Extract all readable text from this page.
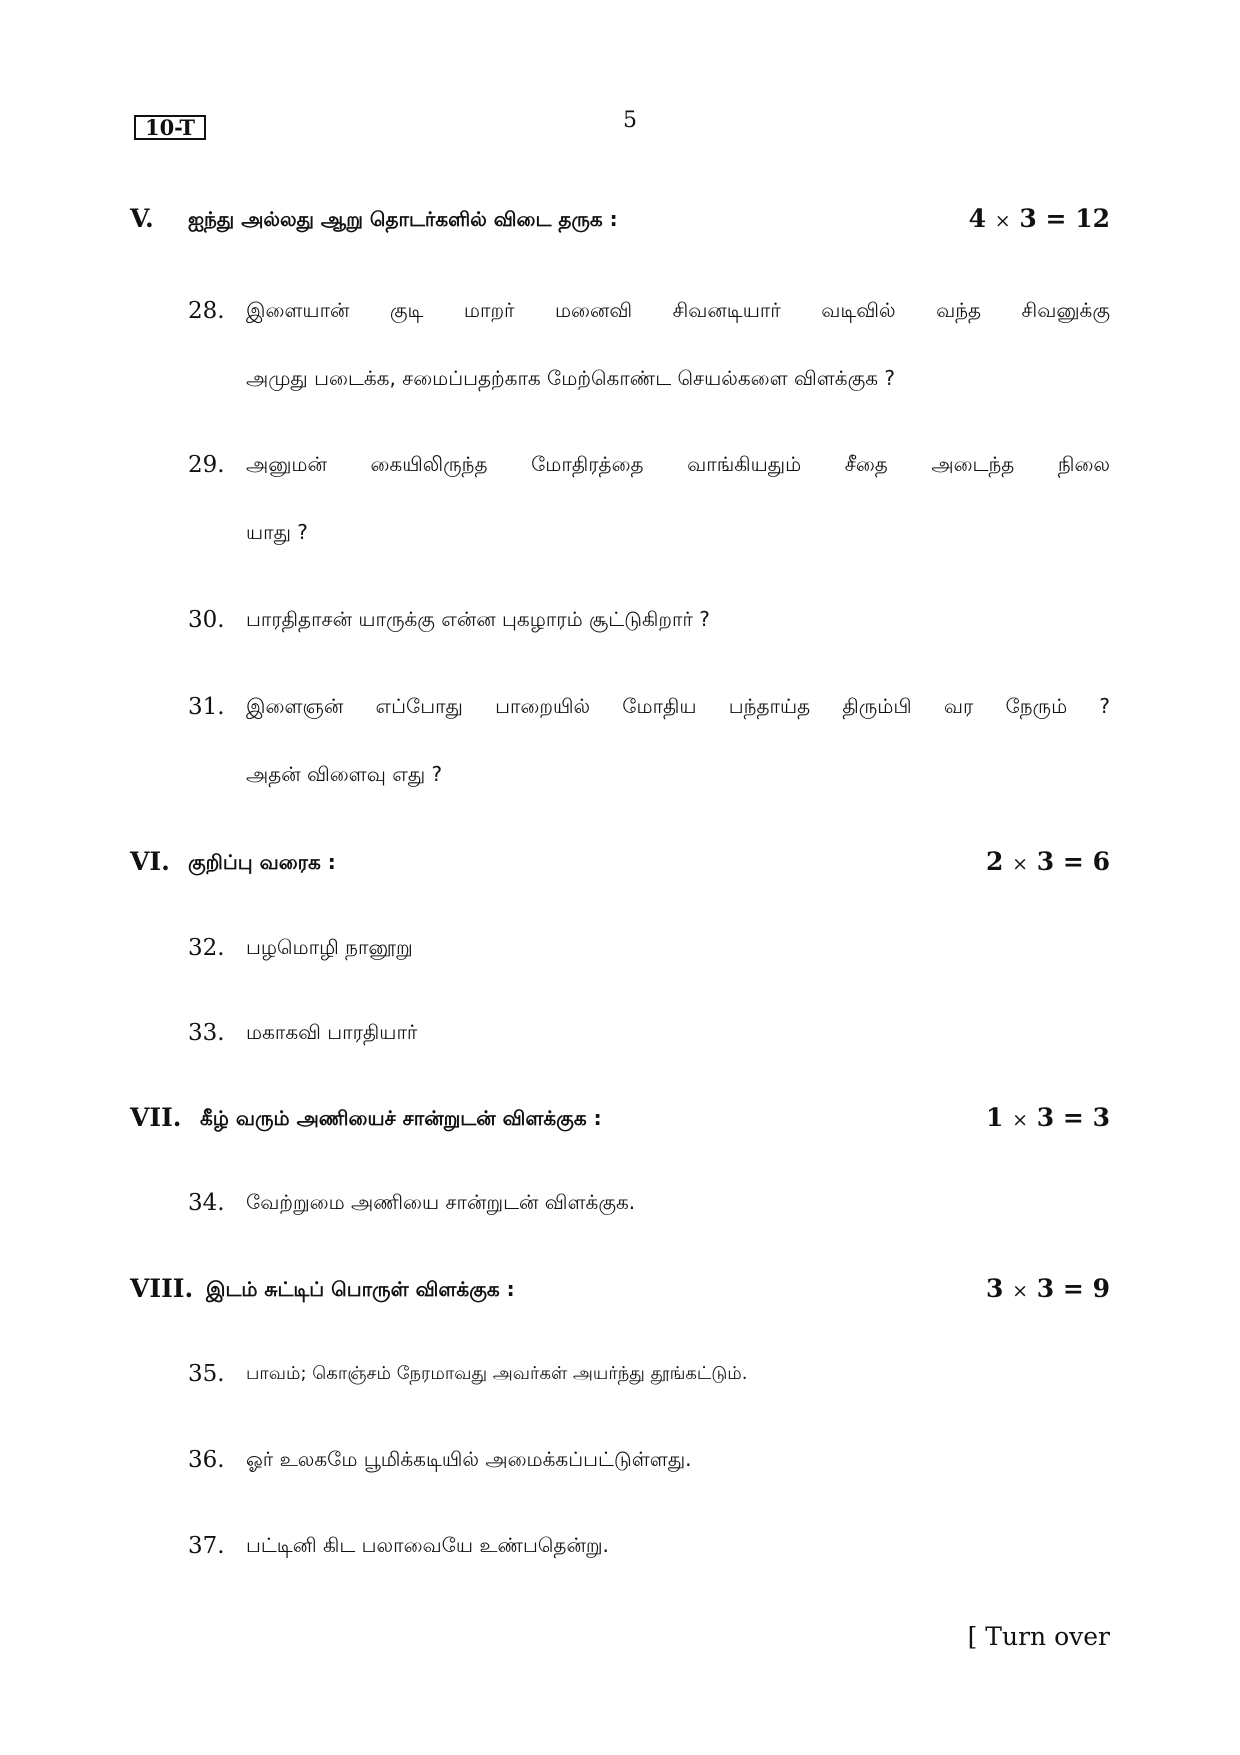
10-T	5
V. ஐந்து அல்லது ஆறு தொடர்களில் விடை தருக :	4 × 3 = 12
28.	இளையான் குடி மாறர் மனைவி சிவனடியார் வடிவில் வந்த சிவனுக்கு
அமுது படைக்க, சமைப்பதற்காக மேற்கொண்ட செயல்களை விளக்குக ?
29.	அனுமன் கையிலிருந்த மோதிரத்தை வாங்கியதும் சீதை அடைந்த நிலை
யாது ?
30.	பாரதிதாசன் யாருக்கு என்ன புகழாரம் சூட்டுகிறார் ?
31.	இளைஞன் எப்போது பாறையில் மோதிய பந்தாய்த திரும்பி வர நேரும் ?
அதன் விளைவு எது ?
VI. குறிப்பு வரைக :	2 × 3 = 6
32.	பழமொழி நானூறு
33.	மகாகவி பாரதியார்
VII. கீழ் வரும் அணியைச் சான்றுடன் விளக்குக :	1 × 3 = 3
34.	வேற்றுமை அணியை சான்றுடன் விளக்குக.
VIII. இடம் சுட்டிப் பொருள் விளக்குக :	3 × 3 = 9
35.	பாவம்; கொஞ்சம் நேரமாவது அவர்கள் அயர்ந்து தூங்கட்டும்.
36.	ஓர் உலகமே பூமிக்கடியில் அமைக்கப்பட்டுள்ளது.
37.	பட்டினி கிட பலாவையே உண்பதென்று.
[ Turn over
